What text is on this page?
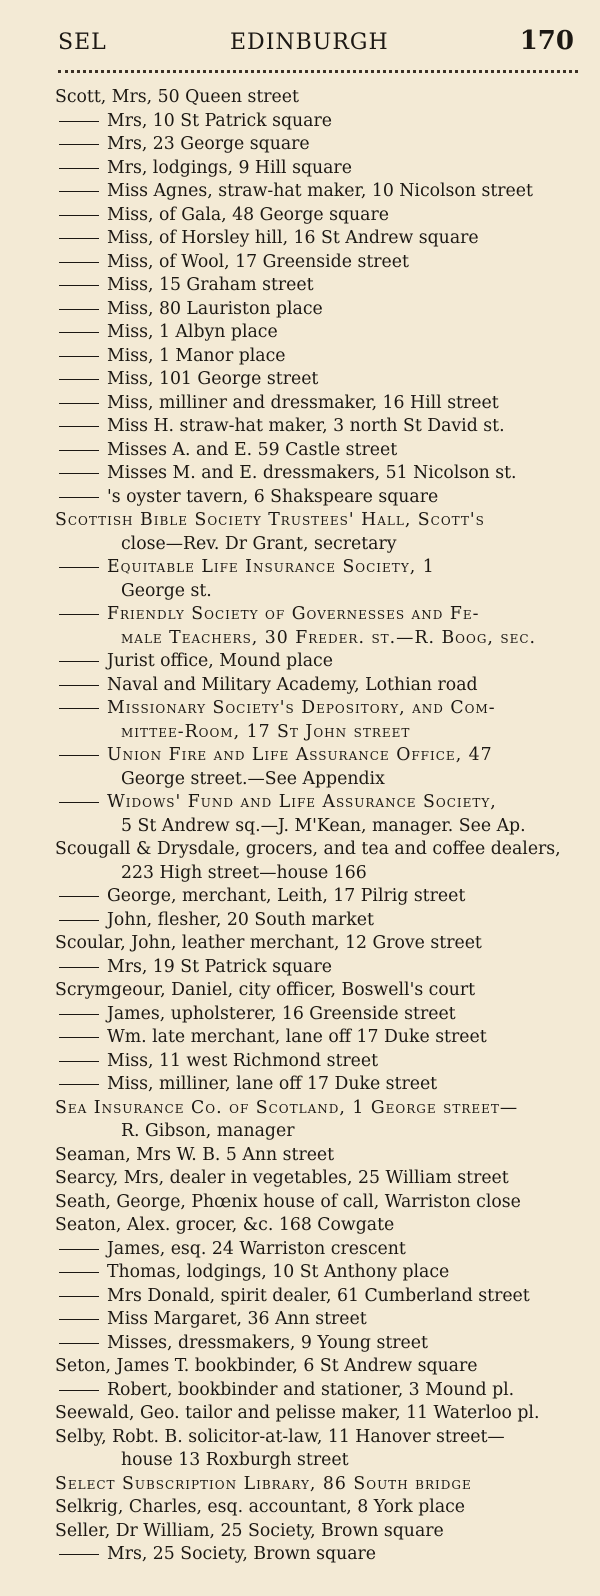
SEL	EDINBURGH	170
Scott, Mrs, 50 Queen street
Mrs, 10 St Patrick square
Mrs, 23 George square
Mrs, lodgings, 9 Hill square
Miss Agnes, straw-hat maker, 10 Nicolson street
Miss, of Gala, 48 George square
Miss, of Horsley hill, 16 St Andrew square
Miss, of Wool, 17 Greenside street
Miss, 15 Graham street
Miss, 80 Lauriston place
Miss, 1 Albyn place
Miss, 1 Manor place
Miss, 101 George street
Miss, milliner and dressmaker, 16 Hill street
Miss H. straw-hat maker, 3 north St David st.
Misses A. and E. 59 Castle street
Misses M. and E. dressmakers, 51 Nicolson st.
's oyster tavern, 6 Shakspeare square
Scottish Bible Society Trustees' Hall, Scott's
close—Rev. Dr Grant, secretary
Equitable Life Insurance Society, 1
George st.
Friendly Society of Governesses and Fe-
male Teachers, 30 Freder. st.—R. Boog, sec.
Jurist office, Mound place
Naval and Military Academy, Lothian road
Missionary Society's Depository, and Com-
mittee-Room, 17 St John street
Union Fire and Life Assurance Office, 47
George street.—See Appendix
Widows' Fund and Life Assurance Society,
5 St Andrew sq.—J. M'Kean, manager. See Ap.
Scougall & Drysdale, grocers, and tea and coffee dealers,
223 High street—house 166
George, merchant, Leith, 17 Pilrig street
John, flesher, 20 South market
Scoular, John, leather merchant, 12 Grove street
Mrs, 19 St Patrick square
Scrymgeour, Daniel, city officer, Boswell's court
James, upholsterer, 16 Greenside street
Wm. late merchant, lane off 17 Duke street
Miss, 11 west Richmond street
Miss, milliner, lane off 17 Duke street
Sea Insurance Co. of Scotland, 1 George street—
R. Gibson, manager
Seaman, Mrs W. B. 5 Ann street
Searcy, Mrs, dealer in vegetables, 25 William street
Seath, George, Phœnix house of call, Warriston close
Seaton, Alex. grocer, &c. 168 Cowgate
James, esq. 24 Warriston crescent
Thomas, lodgings, 10 St Anthony place
Mrs Donald, spirit dealer, 61 Cumberland street
Miss Margaret, 36 Ann street
Misses, dressmakers, 9 Young street
Seton, James T. bookbinder, 6 St Andrew square
Robert, bookbinder and stationer, 3 Mound pl.
Seewald, Geo. tailor and pelisse maker, 11 Waterloo pl.
Selby, Robt. B. solicitor-at-law, 11 Hanover street—
house 13 Roxburgh street
Select Subscription Library, 86 South bridge
Selkrig, Charles, esq. accountant, 8 York place
Seller, Dr William, 25 Society, Brown square
Mrs, 25 Society, Brown square
